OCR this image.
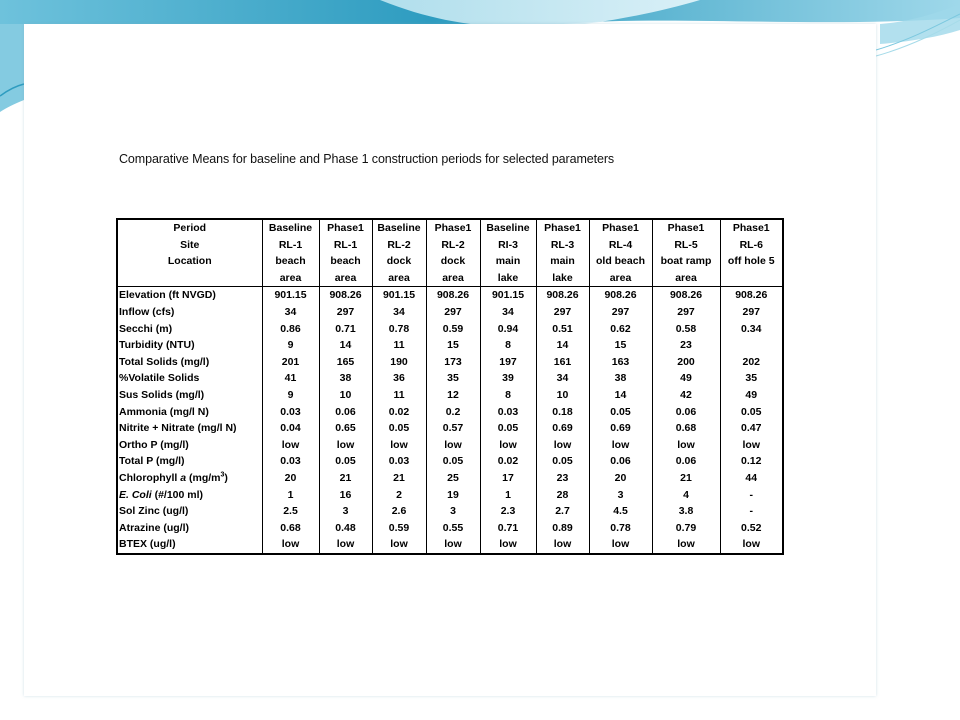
Comparative Means for baseline and Phase 1 construction periods for selected parameters
Period	Baseline	Phase1	Baseline	Phase1	Baseline	Phase1	Phase1	Phase1	Phase1
Site	RL-1	RL-1	RL-2	RL-2	RI-3	RL-3	RL-4	RL-5	RL-6
Location	beach	beach	dock	dock	main	main	old beach	boat ramp	off hole 5
	area	area	area	area	lake	lake	area	area	
Elevation (ft NVGD)	901.15	908.26	901.15	908.26	901.15	908.26	908.26	908.26	908.26
Inflow (cfs)	34	297	34	297	34	297	297	297	297
Secchi (m)	0.86	0.71	0.78	0.59	0.94	0.51	0.62	0.58	0.34
Turbidity (NTU)	9	14	11	15	8	14	15	23	
Total Solids (mg/l)	201	165	190	173	197	161	163	200	202
%Volatile Solids	41	38	36	35	39	34	38	49	35
Sus Solids (mg/l)	9	10	11	12	8	10	14	42	49
Ammonia (mg/l N)	0.03	0.06	0.02	0.2	0.03	0.18	0.05	0.06	0.05
Nitrite + Nitrate (mg/l N)	0.04	0.65	0.05	0.57	0.05	0.69	0.69	0.68	0.47
Ortho P (mg/l)	low	low	low	low	low	low	low	low	low
Total P (mg/l)	0.03	0.05	0.03	0.05	0.02	0.05	0.06	0.06	0.12
Chlorophyll a $(mg/m^3)$	20	21	21	25	17	23	20	21	44
E. Coli (#/100 ml)	1	16	2	19	1	28	3	4	-
Sol Zinc (ug/l)	2.5	3	2.6	3	2.3	2.7	4.5	3.8	-
Atrazine (ug/l)	0.68	0.48	0.59	0.55	0.71	0.89	0.78	0.79	0.52
BTEX (ug/l)	low	low	low	low	low	low	low	low	low
